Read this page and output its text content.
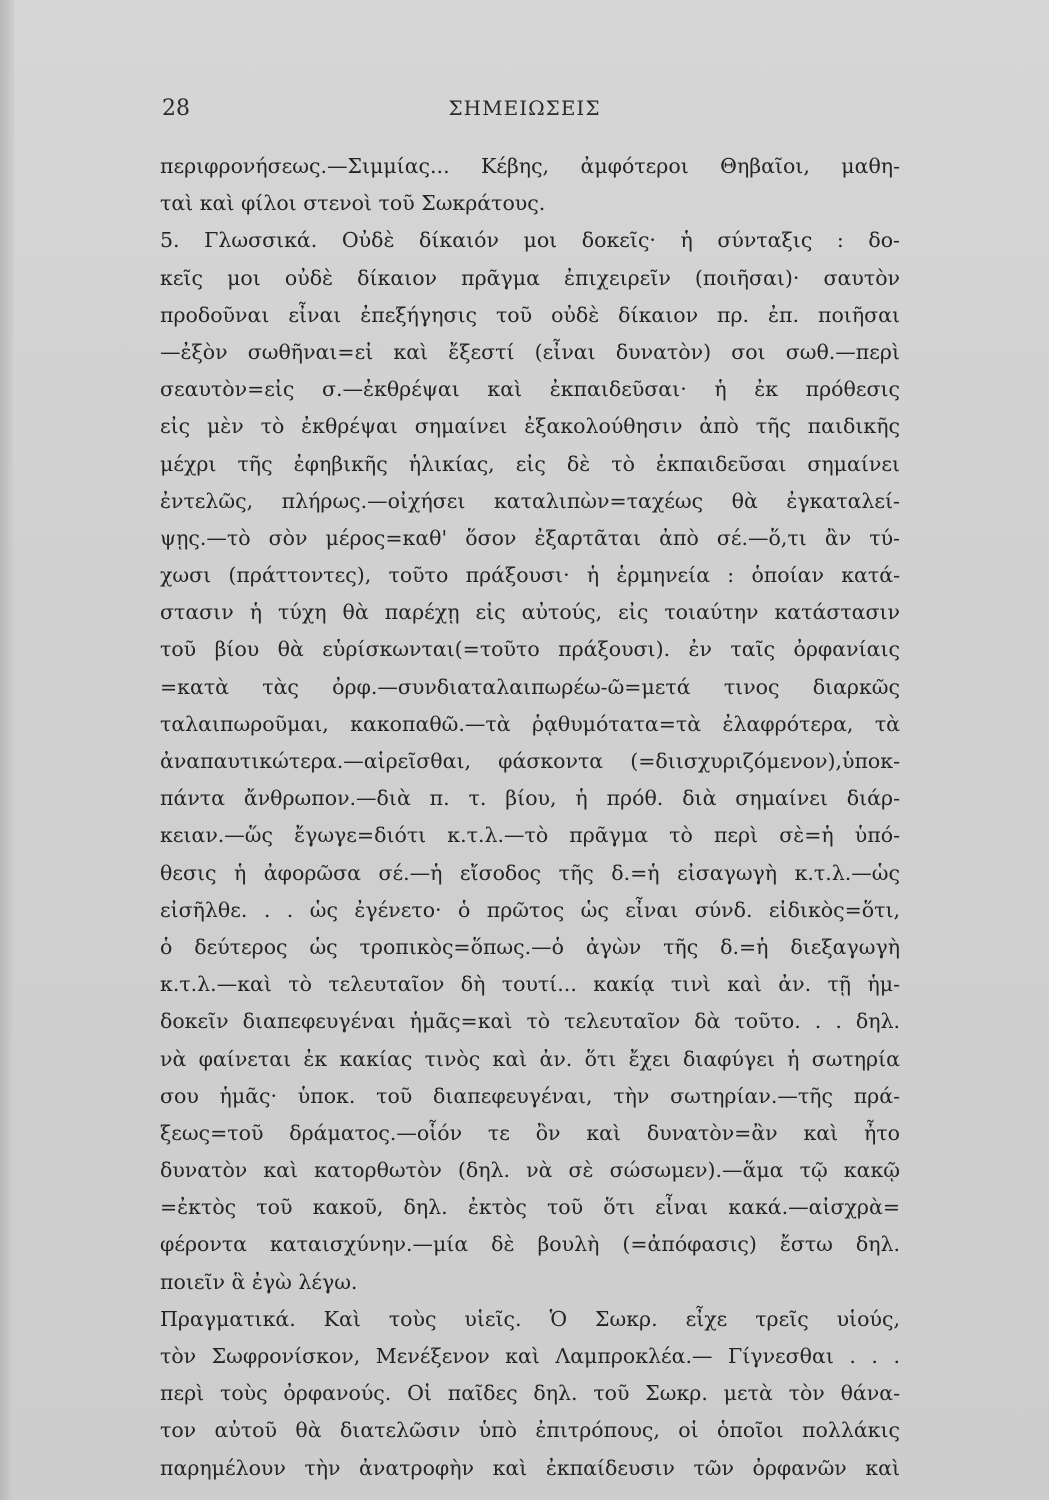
28	ΣΗΜΕΙΩΣΕΙΣ
περιφρονήσεως.—Σιμμίας... Κέβης, ἀμφότεροι Θηβαῖοι, μαθη-
ταὶ καὶ φίλοι στενοὶ τοῦ Σωκράτους.
5. Γλωσσικά. Οὐδὲ δίκαιόν μοι δοκεῖς· ἡ σύνταξις : δο-
κεῖς μοι οὐδὲ δίκαιον πρᾶγμα ἐπιχειρεῖν (ποιῆσαι)· σαυτὸν
προδοῦναι εἶναι ἐπεξήγησις τοῦ οὐδὲ δίκαιον πρ. ἐπ. ποιῆσαι
—ἐξὸν σωθῆναι=εἰ καὶ ἔξεστί (εἶναι δυνατὸν) σοι σωθ.—περὶ
σεαυτὸν=εἰς σ.—ἐκθρέψαι καὶ ἐκπαιδεῦσαι· ἡ ἐκ πρόθεσις
εἰς μὲν τὸ ἐκθρέψαι σημαίνει ἐξακολούθησιν ἀπὸ τῆς παιδικῆς
μέχρι τῆς ἐφηβικῆς ἡλικίας, εἰς δὲ τὸ ἐκπαιδεῦσαι σημαίνει
ἐντελῶς, πλήρως.—οἰχήσει καταλιπὼν=ταχέως θὰ ἐγκαταλεί-
ψῃς.—τὸ σὸν μέρος=καθ' ὅσον ἐξαρτᾶται ἀπὸ σέ.—ὅ,τι ἂν τύ-
χωσι (πράττοντες), τοῦτο πράξουσι· ἡ ἑρμηνεία : ὁποίαν κατά-
στασιν ἡ τύχη θὰ παρέχῃ εἰς αὐτούς, εἰς τοιαύτην κατάστασιν
τοῦ βίου θὰ εὑρίσκωνται(=τοῦτο πράξουσι). ἐν ταῖς ὀρφανίαις
=κατὰ τὰς ὀρφ.—συνδιαταλαιπωρέω-ῶ=μετά τινος διαρκῶς
ταλαιπωροῦμαι, κακοπαθῶ.—τὰ ῥᾳθυμότατα=τὰ ἐλαφρότερα, τὰ
ἀναπαυτικώτερα.—αἱρεῖσθαι, φάσκοντα (=διισχυριζόμενον),ὑποκ-
πάντα ἄνθρωπον.—διὰ π. τ. βίου, ἡ πρόθ. διὰ σημαίνει διάρ-
κειαν.—ὥς ἔγωγε=διότι κ.τ.λ.—τὸ πρᾶγμα τὸ περὶ σὲ=ἡ ὑπό-
θεσις ἡ ἀφορῶσα σέ.—ἡ εἴσοδος τῆς δ.=ἡ εἰσαγωγὴ κ.τ.λ.—ὡς
εἰσῆλθε. . . ὡς ἐγένετο· ὁ πρῶτος ὡς εἶναι σύνδ. εἰδικὸς=ὅτι,
ὁ δεύτερος ὡς τροπικὸς=ὅπως.—ὁ ἀγὼν τῆς δ.=ἡ διεξαγωγὴ
κ.τ.λ.—καὶ τὸ τελευταῖον δὴ τουτί... κακίᾳ τινὶ καὶ ἀν. τῇ ἡμ-
δοκεῖν διαπεφευγέναι ἡμᾶς=καὶ τὸ τελευταῖον δὰ τοῦτο. . . δηλ.
νὰ φαίνεται ἐκ κακίας τινὸς καὶ ἀν. ὅτι ἔχει διαφύγει ἡ σωτηρία
σου ἡμᾶς· ὑποκ. τοῦ διαπεφευγέναι, τὴν σωτηρίαν.—τῆς πρά-
ξεως=τοῦ δράματος.—οἷόν τε ὂν καὶ δυνατὸν=ἂν καὶ ἦτο
δυνατὸν καὶ κατορθωτὸν (δηλ. νὰ σὲ σώσωμεν).—ἅμα τῷ κακῷ
=ἐκτὸς τοῦ κακοῦ, δηλ. ἐκτὸς τοῦ ὅτι εἶναι κακά.—αἰσχρὰ=
φέροντα καταισχύνην.—μία δὲ βουλὴ (=ἀπόφασις) ἔστω δηλ.
ποιεῖν ἃ ἐγὼ λέγω.
Πραγματικά. Καὶ τοὺς υἱεῖς. Ὁ Σωκρ. εἶχε τρεῖς υἱούς,
τὸν Σωφρονίσκον, Μενέξενον καὶ Λαμπροκλέα.— Γίγνεσθαι . . .
περὶ τοὺς ὀρφανούς. Οἱ παῖδες δηλ. τοῦ Σωκρ. μετὰ τὸν θάνα-
τον αὐτοῦ θὰ διατελῶσιν ὑπὸ ἐπιτρόπους, οἱ ὁποῖοι πολλάκις
παρημέλουν τὴν ἀνατροφὴν καὶ ἐκπαίδευσιν τῶν ὀρφανῶν καὶ
